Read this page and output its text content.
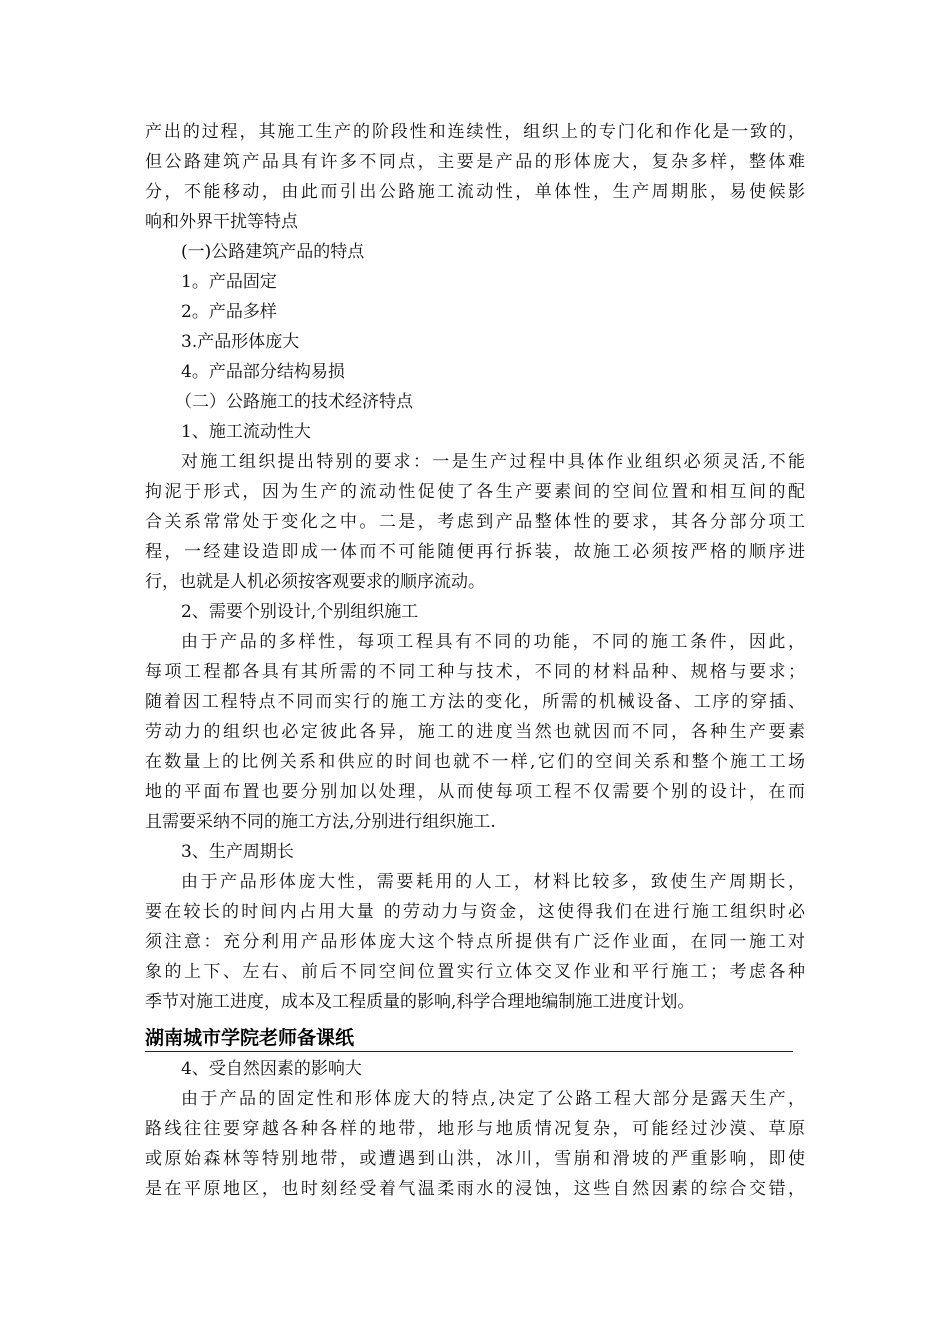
产出的过程，其施工生产的阶段性和连续性，组织上的专门化和作化是一致的，

但公路建筑产品具有许多不同点，主要是产品的形体庞大，复杂多样，整体难

分，不能移动，由此而引出公路施工流动性，单体性，生产周期胀，易使候影

响和外界干扰等特点

(一)公路建筑产品的特点

1。产品固定

2。产品多样

3.产品形体庞大

4。产品部分结构易损

（二）公路施工的技术经济特点

1、施工流动性大

对施工组织提出特别的要求：一是生产过程中具体作业组织必须灵活,不能

拘泥于形式，因为生产的流动性促使了各生产要素间的空间位置和相互间的配

合关系常常处于变化之中。二是，考虑到产品整体性的要求，其各分部分项工

程，一经建设造即成一体而不可能随便再行拆装，故施工必须按严格的顺序进

行，也就是人机必须按客观要求的顺序流动。

2、需要个别设计,个别组织施工

由于产品的多样性，每项工程具有不同的功能，不同的施工条件，因此，

每项工程都各具有其所需的不同工种与技术，不同的材料品种、规格与要求；

随着因工程特点不同而实行的施工方法的变化，所需的机械设备、工序的穿插、

劳动力的组织也必定彼此各异，施工的进度当然也就因而不同，各种生产要素

在数量上的比例关系和供应的时间也就不一样,它们的空间关系和整个施工工场

地的平面布置也要分别加以处理，从而使每项工程不仅需要个别的设计，在而

且需要采纳不同的施工方法,分别进行组织施工.

3、生产周期长

由于产品形体庞大性，需要耗用的人工，材料比较多，致使生产周期长，

要在较长的时间内占用大量 的劳动力与资金，这使得我们在进行施工组织时必

须注意：充分利用产品形体庞大这个特点所提供有广泛作业面，在同一施工对

象的上下、左右、前后不同空间位置实行立体交叉作业和平行施工；考虑各种

季节对施工进度，成本及工程质量的影响,科学合理地编制施工进度计划。

湖南城市学院老师备课纸

4、受自然因素的影响大

由于产品的固定性和形体庞大的特点,决定了公路工程大部分是露天生产，

路线往往要穿越各种各样的地带，地形与地质情况复杂，可能经过沙漠、草原

或原始森林等特别地带，或遭遇到山洪，冰川，雪崩和滑坡的严重影响，即使

是在平原地区，也时刻经受着气温柔雨水的浸蚀，这些自然因素的综合交错，
